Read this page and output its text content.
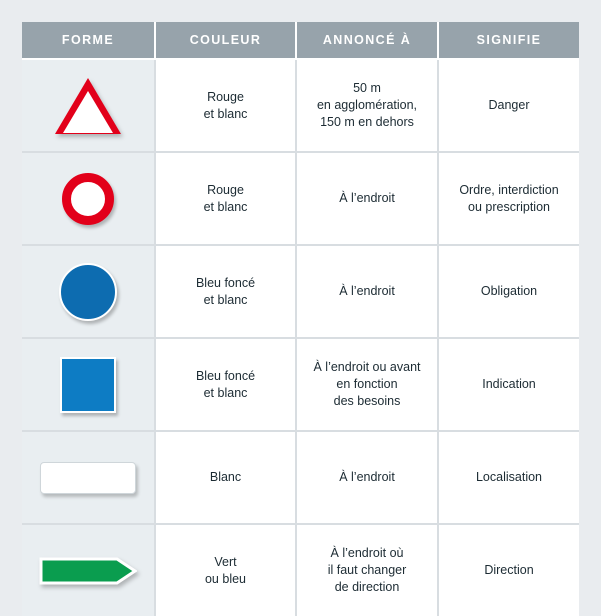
FORME	COULEUR	ANNONCÉ À	SIGNIFIE

	Rouge
et blanc	50 m
en agglomération,
150 m en dehors	Danger

	Rouge
et blanc	À l’endroit	Ordre, interdiction
ou prescription

	Bleu foncé
et blanc	À l’endroit	Obligation

	Bleu foncé
et blanc	À l’endroit ou avant
en fonction
des besoins	Indication

	Blanc	À l’endroit	Localisation

Vert
ou bleu	À l’endroit où
il faut changer
de direction	Direction
